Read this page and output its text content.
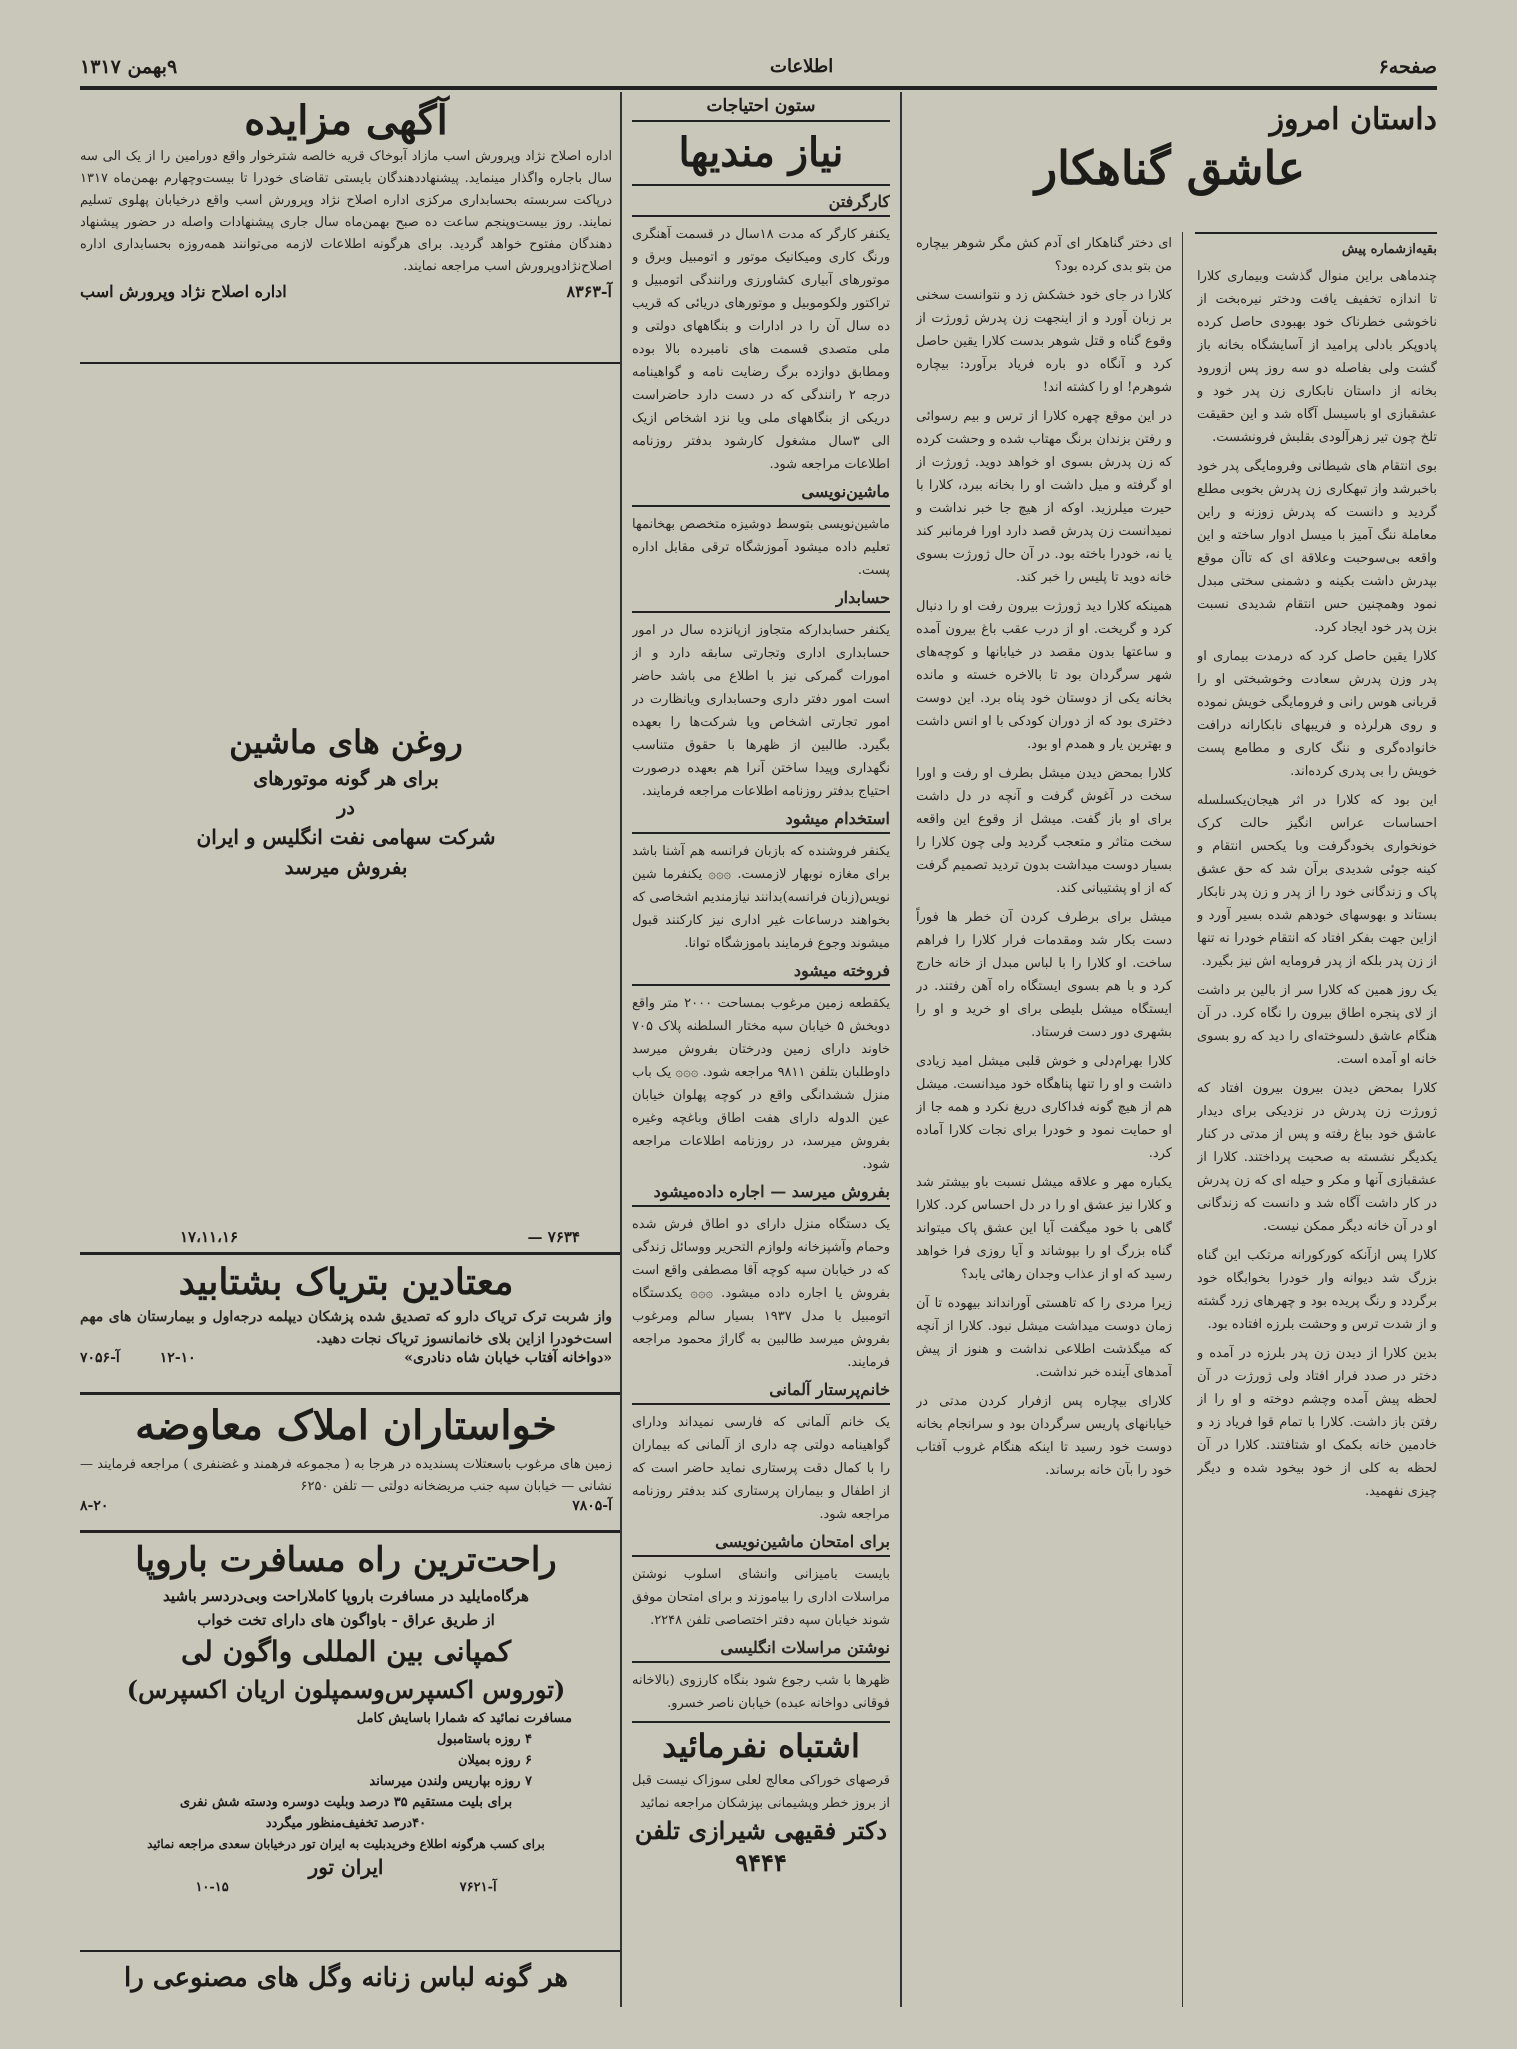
صفحه۶
اطلاعات
۹بهمن ۱۳۱۷
داستان امروز
عاشق گناهکار
بقیه‌ازشماره پیش

چندماهی براین منوال گذشت وبیماری کلارا تا اندازه تخفیف یافت ودختر نیره‌بخت از ناخوشی خطرناک خود بهبودی حاصل کرده پادوپکر بادلی پرامید از آسایشگاه بخانه باز گشت ولی بفاصله دو سه روز پس ازورود بخانه از داستان نابکاری زن پدر خود و عشقبازی او باسیسل آگاه شد و این حقیقت تلخ چون تیر زهرآلودی بقلبش فرونشست.

بوی انتقام های شیطانی وفرومایگی پدر خود باخبرشد واز تبهکاری زن پدرش بخوبی مطلع گردید و دانست که پدرش زوزنه و راین معاملة ننگ آمیز با میسل ادوار ساخته و این واقعه بی‌سوحبت وعلاقة ای که تاآن موقع بپدرش داشت بکینه و دشمنی سختی مبدل نمود وهمچنین حس انتقام شدیدی نسبت بزن پدر خود ایجاد کرد.

کلارا یقین حاصل کرد که درمدت بیماری او پدر وزن پدرش سعادت وخوشبختی او را قربانی هوس رانی و فرومایگی خویش نموده و روی هرلرذه و فریبهای نابکارانه درافت خانواده‌گری و ننگ کاری و مطامع پست خویش را بی پدری کرده‌اند.

این بود که کلارا در اثر هیجان‌یکسلسله احساسات عراس انگیز حالت کرک خونخواری بخودگرفت وبا یکحس انتقام و کینه جوئی شدیدی برآن شد که حق عشق پاک و زندگانی خود را از پدر و زن پدر نابکار بستاند و بهوسهای خودهم شده بسیر آورد و ازاین جهت بفکر افتاد که انتقام خودرا نه تنها از زن پدر بلکه از پدر فرومایه اش نیز بگیرد.

یک روز همین که کلارا سر از بالین بر داشت از لای پنجره اطاق بیرون را نگاه کرد. در آن هنگام عاشق دلسوخته‌ای را دید که رو بسوی خانه او آمده است.

کلارا بمحض دیدن بیرون بیرون افتاد که ژورژت زن پدرش در نزدیکی برای دیدار عاشق خود بباغ رفته و پس از مدتی در کنار یکدیگر نشسته به صحبت پرداختند. کلارا از عشقبازی آنها و مکر و حیله ای که زن پدرش در کار داشت آگاه شد و دانست که زندگانی او در آن خانه دیگر ممکن نیست.

کلارا پس ازآنکه کورکورانه مرتکب این گناه بزرگ شد دیوانه وار خودرا بخوابگاه خود برگردد و رنگ پریده بود و چهرهای زرد گشته و از شدت ترس و وحشت بلرزه افتاده بود.

بدین کلارا از دیدن زن پدر بلرزه در آمده و دختر در صدد فرار افتاد ولی ژورژت در آن لحظه پیش آمده وچشم دوخته و او را از رفتن باز داشت. کلارا با تمام قوا فریاد زد و خادمین خانه بکمک او شتافتند. کلارا در آن لحظه به کلی از خود بیخود شده و دیگر چیزی نفهمید.

ای دختر گناهکار ای آدم کش مگر شوهر بیچاره من بتو بدی کرده بود؟

کلارا در جای خود خشکش زد و نتوانست سخنی بر زبان آورد و از اینجهت زن پدرش ژورژت از وقوع گناه و قتل شوهر بدست کلارا یقین حاصل کرد و آنگاه دو باره فریاد برآورد: بیچاره شوهرم! او را کشته اند!

در این موقع چهره کلارا از ترس و بیم رسوائی و رفتن بزندان برنگ مهتاب شده و وحشت کرده که زن پدرش بسوی او خواهد دوید. ژورژت از او گرفته و میل داشت او را بخانه ببرد، کلارا با حیرت میلرزید. اوکه از هیچ جا خبر نداشت و نمیدانست زن پدرش قصد دارد اورا فرمانبر کند یا نه، خودرا باخته بود. در آن حال ژورژت بسوی خانه دوید تا پلیس را خبر کند.

همینکه کلارا دید ژورژت بیرون رفت او را دنبال کرد و گریخت. او از درب عقب باغ بیرون آمده و ساعتها بدون مقصد در خیابانها و کوچه‌های شهر سرگردان بود تا بالاخره خسته و مانده بخانه یکی از دوستان خود پناه برد. این دوست دختری بود که از دوران کودکی با او انس داشت و بهترین یار و همدم او بود.

کلارا بمحض دیدن میشل بطرف او رفت و اورا سخت در آغوش گرفت و آنچه در دل داشت برای او باز گفت. میشل از وقوع این واقعه سخت متاثر و متعجب گردید ولی چون کلارا را بسیار دوست میداشت بدون تردید تصمیم گرفت که از او پشتیبانی کند.

میشل برای برطرف کردن آن خطر ها فوراً دست بکار شد ومقدمات فرار کلارا را فراهم ساخت. او کلارا را با لباس مبدل از خانه خارج کرد و با هم بسوی ایستگاه راه آهن رفتند. در ایستگاه میشل بلیطی برای او خرید و او را بشهری دور دست فرستاد.

کلارا بهرام‌دلی و خوش قلبی میشل امید زیادی داشت و او را تنها پناهگاه خود میدانست. میشل هم از هیچ گونه فداکاری دریغ نکرد و همه جا از او حمایت نمود و خودرا برای نجات کلارا آماده کرد.

یکباره مهر و علاقه میشل نسبت باو بیشتر شد و کلارا نیز عشق او را در دل احساس کرد. کلارا گاهی با خود میگفت آیا این عشق پاک میتواند گناه بزرگ او را بپوشاند و آیا روزی فرا خواهد رسید که او از عذاب وجدان رهائی یابد؟

زیرا مردی را که تاهستی آورانداند بیهوده تا آن زمان دوست میداشت میشل نبود. کلارا از آنچه که میگذشت اطلاعی نداشت و هنوز از پیش آمدهای آینده خبر نداشت.

کلارای بیچاره پس ازفرار کردن مدتی در خیابانهای پاریس سرگردان بود و سرانجام بخانه دوست خود رسید تا اینکه هنگام غروب آفتاب خود را بآن خانه برساند.

ستون احتیاجات
نیاز مندیها
کارگرفتن
یکنفر کارگر که مدت ۱۸سال در قسمت آهنگری ورنگ کاری ومیکانیک موتور و اتومبیل وبرق و موتورهای آبیاری کشاورزی ورانندگی اتومبیل و تراکتور ولکوموبیل و موتورهای دریائی که قریب ده سال آن را در ادارات و بنگاههای دولتی و ملی متصدی قسمت های نامبرده بالا بوده ومطابق دوازده برگ رضایت نامه و گواهینامه درجه ۲ رانندگی که در دست دارد حاضراست دریکی از بنگاههای ملی ویا نزد اشخاص ازیک الی ۳سال مشغول کارشود بدفتر روزنامه اطلاعات مراجعه شود.
ماشین‌نویسی
ماشین‌نویسی بتوسط دوشیزه متخصص بهخانمها تعلیم داده میشود آموزشگاه ترقی مقابل اداره پست.
حسابدار
یکنفر حسابدارکه متجاوز ازپانزده سال در امور حسابداری اداری وتجارتی سابقه دارد و از امورات گمرکی نیز با اطلاع می باشد حاضر است امور دفتر داری وحسابداری ویانظارت در امور تجارتی اشخاص ویا شرکت‌ها را بعهده بگیرد. طالبین از ظهرها با حقوق متناسب نگهداری وپیدا ساختن آنرا هم بعهده درصورت احتیاج بدفتر روزنامه اطلاعات مراجعه فرمایند.
استخدام میشود
یکنفر فروشنده که بازبان فرانسه هم آشنا باشد برای مغازه نوبهار لازمست. ۞۞۞ یکنفرما شین نویس(زبان فرانسه)بدانند نیازمندیم اشخاصی که بخواهند درساعات غیر اداری نیز کارکنند قبول میشوند وجوع فرمایند باموزشگاه توانا.
فروخته میشود
یکقطعه زمین مرغوب بمساحت ۲۰۰۰ متر واقع دوبخش ۵ خیابان سپه مختار السلطنه پلاک ۷۰۵ خاوند دارای زمین ودرختان بفروش میرسد داوطلبان بتلفن ۹۸۱۱ مراجعه شود. ۞۞۞ یک باب منزل ششدانگی واقع در کوچه پهلوان خیابان عین الدوله دارای هفت اطاق وباغچه وغیره بفروش میرسد، در روزنامه اطلاعات مراجعه شود.
بفروش میرسد — اجاره داده‌میشود
یک دستگاه منزل دارای دو اطاق فرش شده وحمام وآشپزخانه ولوازم التحریر ووسائل زندگی که در خیابان سپه کوچه آقا مصطفی واقع است بفروش یا اجاره داده میشود. ۞۞۞ یکدستگاه اتومبیل با مدل ۱۹۳۷ بسیار سالم ومرغوب بفروش میرسد طالبین به گاراژ محمود مراجعه فرمایند.
خانم‌پرستار آلمانی
یک خانم آلمانی که فارسی نمیداند ودارای گواهینامه دولتی چه داری از آلمانی که بیماران را با کمال دقت پرستاری نماید حاضر است که از اطفال و بیماران پرستاری کند بدفتر روزنامه مراجعه شود.
برای امتحان ماشین‌نویسی
بایست بامیزانی وانشای اسلوب نوشتن مراسلات اداری را بیاموزند و برای امتحان موفق شوند خیابان سپه دفتر اختصاصی تلفن ۲۲۴۸.
نوشتن مراسلات انگلیسی
ظهرها با شب رجوع شود بنگاه کارزوی (بالاخانه فوقانی دواخانه عبده) خیابان ناصر خسرو.
اشتباه نفرمائید
قرصهای خوراکی معالج لعلی سوزاک نیست قبل از بروز خطر وپشیمانی بپزشکان مراجعه نمائید
دکتر فقیهی شیرازی تلفن ۹۴۴۴
آگهی مزایده
اداره اصلاح نژاد وپرورش اسب مازاد آبوخاک قریه خالصه شترخوار واقع دورامین را از یک الی سه سال باجاره واگذار مینماید. پیشنهاددهندگان بایستی تقاضای خودرا تا بیست‌وچهارم بهمن‌ماه ۱۳۱۷ درپاکت سربسته بحسابداری مرکزی اداره اصلاح نژاد وپرورش اسب واقع درخیابان پهلوی تسلیم نمایند. روز بیست‌وپنجم ساعت ده صبح بهمن‌ماه سال جاری پیشنهادات واصله در حضور پیشنهاد دهندگان مفتوح خواهد گردید. برای هرگونه اطلاعات لازمه می‌توانند همه‌روزه بحسابداری اداره اصلاح‌نژادوپرورش اسب مراجعه نمایند.
آ-۸۳۶۳
اداره اصلاح نژاد وپرورش اسب
روغن های ماشین
برای هر گونه موتورهای
در
شرکت سهامی نفت انگلیس و ایران
بفروش میرسد
۷۶۳۴ —
۱۷،۱۱،۱۶
معتادین بتریاک بشتابید
واز شربت ترک تریاک دارو که تصدیق شده پزشکان دیپلمه درجه‌اول و بیمارستان های مهم است‌خودرا ازاین بلای خانمانسوز تریاک نجات دهید.
«دواخانه آفتاب خیابان شاه دنادری»
۱۲-۱۰
آ-۷۰۵۶
خواستاران املاک معاوضه
زمین های مرغوب باسعتلات پسندیده در هرجا به ( مجموعه فرهمند و غضنفری ) مراجعه فرمایند — نشانی — خیابان سپه جنب مریضخانه دولتی — تلفن ۶۲۵۰
آ-۷۸۰۵
۸-۲۰
راحت‌ترین راه مسافرت باروپا
هرگاه‌مایلید در مسافرت باروپا کاملاراحت وبی‌دردسر باشید
از طریق عراق - باواگون های دارای تخت خواب
کمپانی بین المللی واگون لی
(توروس اکسپرس‌وسمپلون اریان اکسپرس)
مسافرت نمائید که شمارا باسایش کامل
۴ روزه باستامبول
۶ روزه بمیلان
۷ روزه بپاریس ولندن میرساند
برای بلیت مستقیم ۳۵ درصد وبلیت دوسره ودسته شش نفری
۴۰درصد تخفیف‌منظور میگردد
برای کسب هرگونه اطلاع وخریدبلیت به ایران تور درخیابان سعدی مراجعه نمائید
ایران تور
آ-۷۶۲۱
۱۰-۱۵
هر گونه لباس زنانه وگل های مصنوعی را
